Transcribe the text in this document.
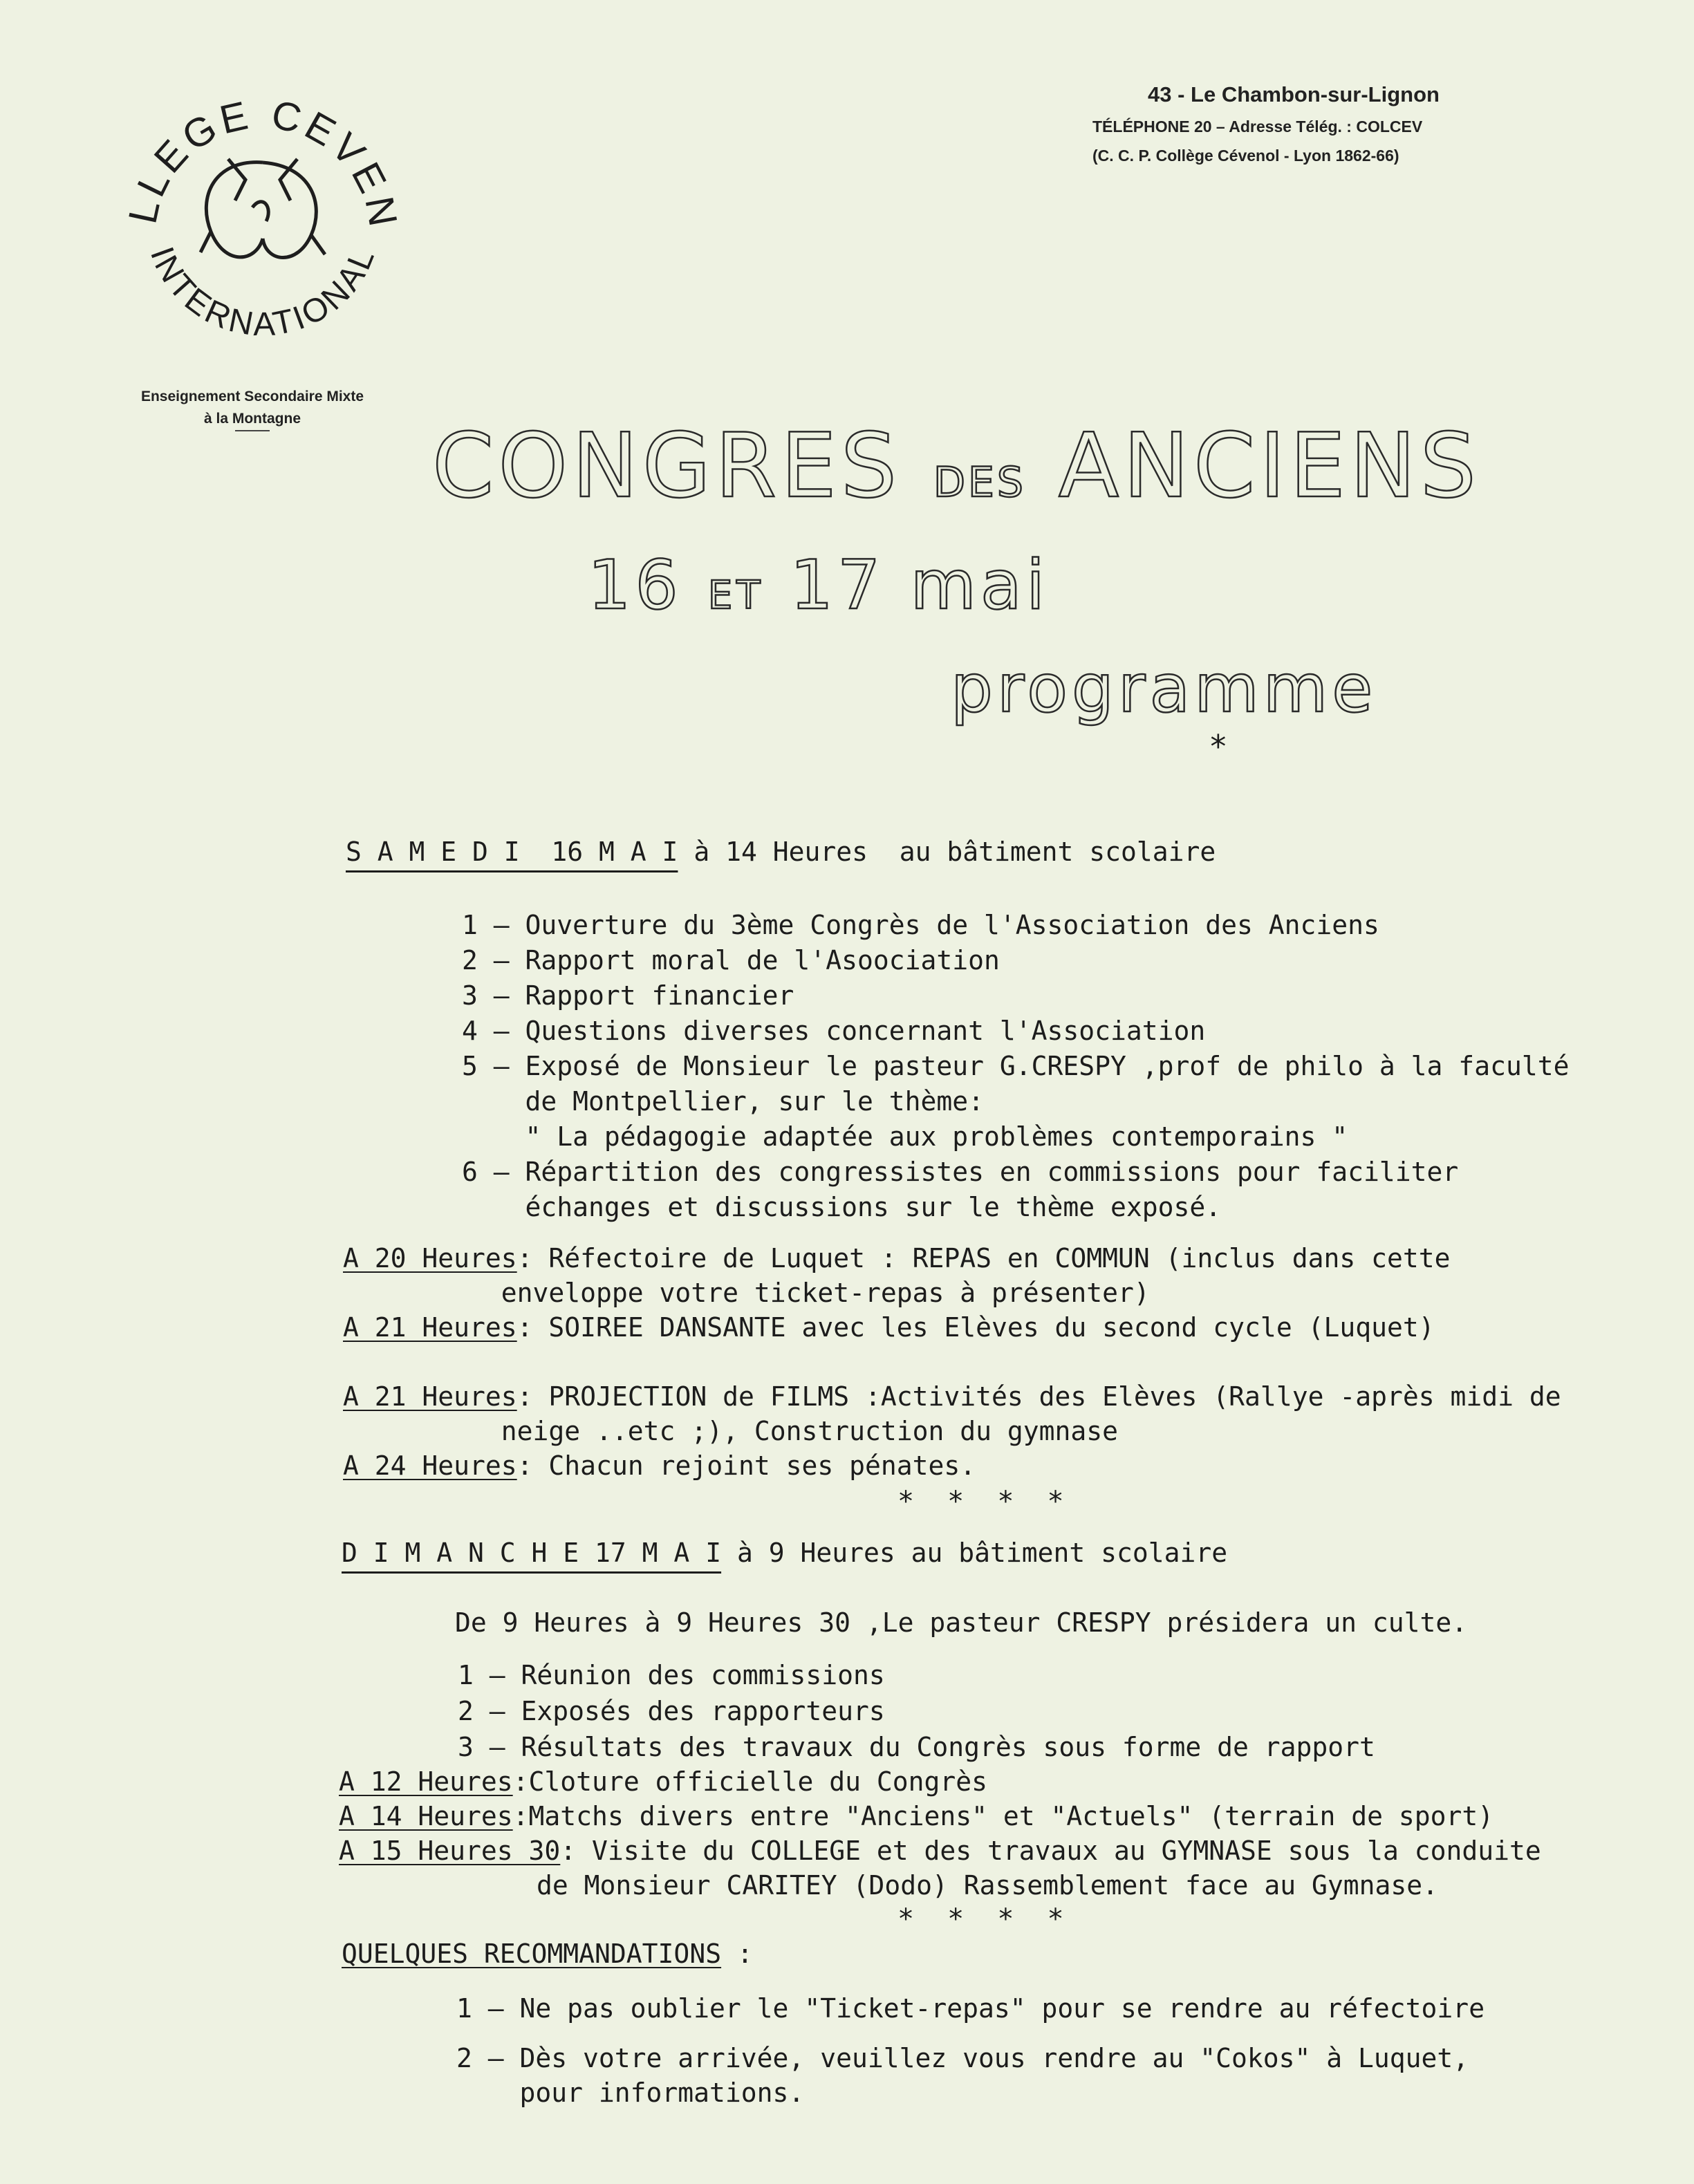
LLEGE CEVE
INTERNATIONAL
Enseignement Secondaire Mixte
à la Montagne
43 - Le Chambon-sur-Lignon
TÉLÉPHONE 20 – Adresse Télég. : COLCEV
(C. C. P. Collège Cévenol - Lyon 1862-66)
CONGRES DES ANCIENS
16 ET 17 mai
programme
*
S A M E D I  16 M A I à 14 Heures  au bâtiment scolaire
1 – Ouverture du 3ème Congrès de l'Association des Anciens
2 – Rapport moral de l'Asoociation
3 – Rapport financier
4 – Questions diverses concernant l'Association
5 – Exposé de Monsieur le pasteur G.CRESPY ,prof de philo à la faculté
de Montpellier, sur le thème:
" La pédagogie adaptée aux problèmes contemporains "
6 – Répartition des congressistes en commissions pour faciliter
échanges et discussions sur le thème exposé.
A 20 Heures: Réfectoire de Luquet : REPAS en COMMUN (inclus dans cette
enveloppe votre ticket-repas à présenter)
A 21 Heures: SOIREE DANSANTE avec les Elèves du second cycle (Luquet)
A 21 Heures: PROJECTION de FILMS :Activités des Elèves (Rallye -après midi de
neige ..etc ;), Construction du gymnase
A 24 Heures: Chacun rejoint ses pénates.
* * * *
D I M A N C H E 17 M A I à 9 Heures au bâtiment scolaire
De 9 Heures à 9 Heures 30 ,Le pasteur CRESPY présidera un culte.
1 – Réunion des commissions
2 – Exposés des rapporteurs
3 – Résultats des travaux du Congrès sous forme de rapport
A 12 Heures:Cloture officielle du Congrès
A 14 Heures:Matchs divers entre "Anciens" et "Actuels" (terrain de sport)
A 15 Heures 30: Visite du COLLEGE et des travaux au GYMNASE sous la conduite
de Monsieur CARITEY (Dodo) Rassemblement face au Gymnase.
* * * *
QUELQUES RECOMMANDATIONS :
1 – Ne pas oublier le "Ticket-repas" pour se rendre au réfectoire
2 – Dès votre arrivée, veuillez vous rendre au "Cokos" à Luquet,
pour informations.
